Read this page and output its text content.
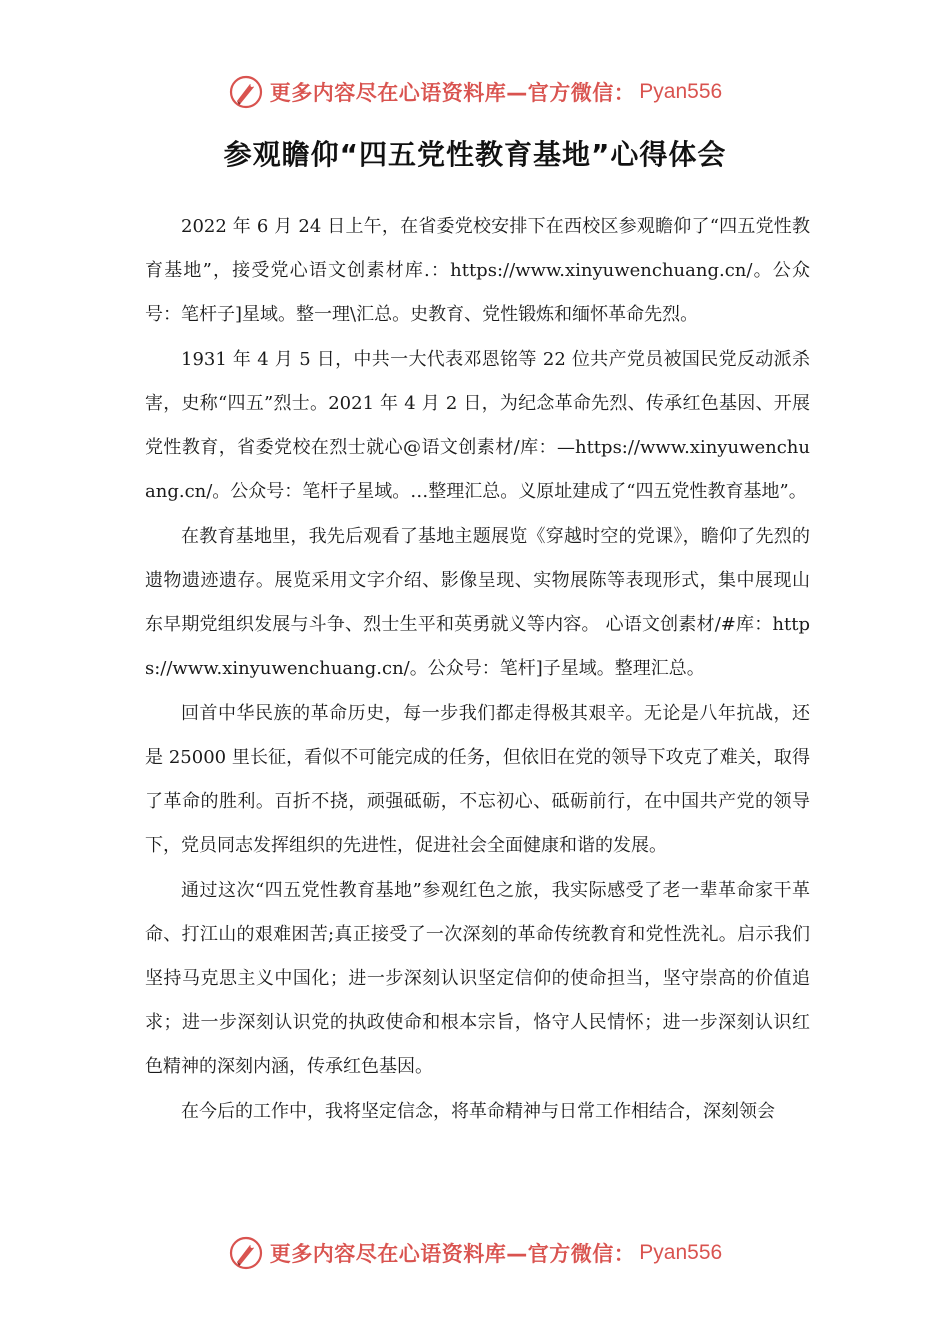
更多内容尽在心语资料库—官方微信： Pyan556
参观瞻仰“四五党性教育基地”心得体会

2022 年 6 月 24 日上午，在省委党校安排下在西校区参观瞻仰了“四五党性教育基地”，接受党心语文创素材库.：https://www.xinyuwenchuang.cn/。公众号：笔杆子]星域。整一理\汇总。史教育、党性锻炼和缅怀革命先烈。

1931 年 4 月 5 日，中共一大代表邓恩铭等 22 位共产党员被国民党反动派杀害，史称“四五”烈士。2021 年 4 月 2 日，为纪念革命先烈、传承红色基因、开展党性教育，省委党校在烈士就心@语文创素材/库：—https://www.xinyuwenchuang.cn/。公众号：笔杆子星域。…整理汇总。义原址建成了“四五党性教育基地”。

在教育基地里，我先后观看了基地主题展览《穿越时空的党课》，瞻仰了先烈的遗物遗迹遗存。展览采用文字介绍、影像呈现、实物展陈等表现形式，集中展现山东早期党组织发展与斗争、烈士生平和英勇就义等内容。 心语文创素材/#库：https://www.xinyuwenchuang.cn/。公众号：笔杆]子星域。整理汇总。

回首中华民族的革命历史，每一步我们都走得极其艰辛。无论是八年抗战，还是 25000 里长征，看似不可能完成的任务，但依旧在党的领导下攻克了难关，取得了革命的胜利。百折不挠，顽强砥砺，不忘初心、砥砺前行，在中国共产党的领导下，党员同志发挥组织的先进性，促进社会全面健康和谐的发展。

通过这次“四五党性教育基地”参观红色之旅，我实际感受了老一辈革命家干革命、打江山的艰难困苦;真正接受了一次深刻的革命传统教育和党性洗礼。启示我们坚持马克思主义中国化；进一步深刻认识坚定信仰的使命担当，坚守崇高的价值追求；进一步深刻认识党的执政使命和根本宗旨，恪守人民情怀；进一步深刻认识红色精神的深刻内涵，传承红色基因。

在今后的工作中，我将坚定信念，将革命精神与日常工作相结合，深刻领会

更多内容尽在心语资料库—官方微信： Pyan556
